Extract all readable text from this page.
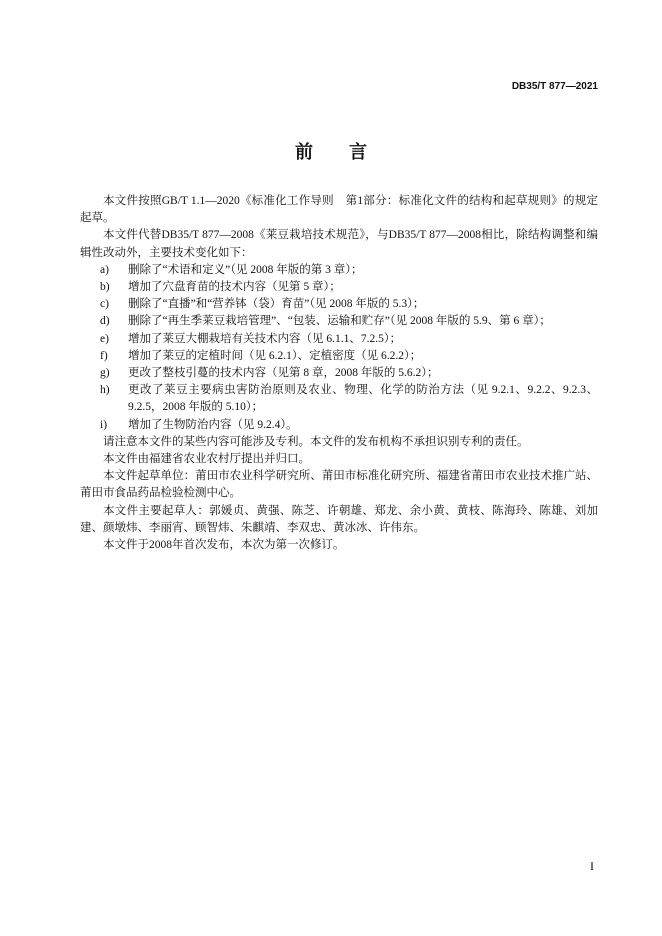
DB35/T 877—2021
前　　言

本文件按照GB/T 1.1—2020《标准化工作导则　第1部分：标准化文件的结构和起草规则》的规定起草。

本文件代替DB35/T 877—2008《莱豆栽培技术规范》，与DB35/T 877—2008相比，除结构调整和编辑性改动外，主要技术变化如下：

a) 删除了“术语和定义”（见 2008 年版的第 3 章）；
b) 增加了穴盘育苗的技术内容（见第 5 章）；
c) 删除了“直播”和“营养钵（袋）育苗”（见 2008 年版的 5.3）；
d) 删除了“再生季莱豆栽培管理”、“包装、运输和贮存”（见 2008 年版的 5.9、第 6 章）；
e) 增加了莱豆大棚栽培有关技术内容（见 6.1.1、7.2.5）；
f) 增加了莱豆的定植时间（见 6.2.1）、定植密度（见 6.2.2）；
g) 更改了整枝引蔓的技术内容（见第 8 章，2008 年版的 5.6.2）；
h) 更改了莱豆主要病虫害防治原则及农业、物理、化学的防治方法（见 9.2.1、9.2.2、9.2.3、9.2.5，2008 年版的 5.10）；
i) 增加了生物防治内容（见 9.2.4）。

请注意本文件的某些内容可能涉及专利。本文件的发布机构不承担识别专利的责任。

本文件由福建省农业农村厅提出并归口。

本文件起草单位：莆田市农业科学研究所、莆田市标准化研究所、福建省莆田市农业技术推广站、莆田市食品药品检验检测中心。

本文件主要起草人：郭媛贞、黄强、陈芝、许朝雄、郑龙、余小黄、黄枝、陈海玲、陈雄、刘加建、颜墩炜、李丽宵、顾智炜、朱麒靖、李双忠、黄冰冰、许伟东。

本文件于2008年首次发布，本次为第一次修订。

I
